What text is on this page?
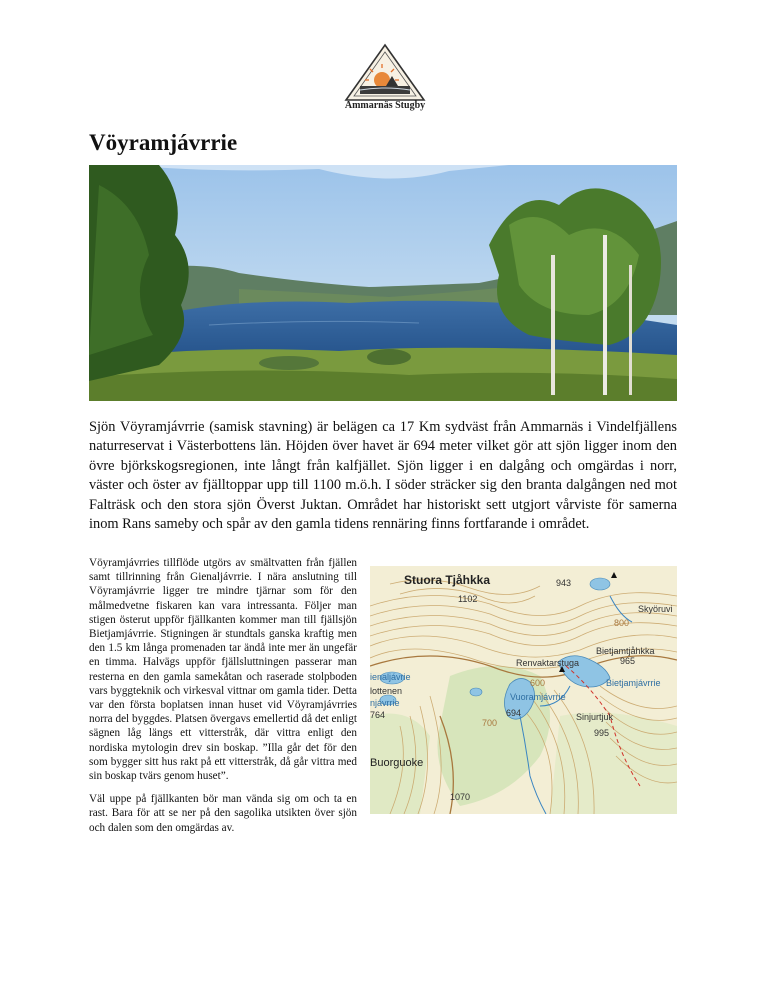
Ammarnäs Stugby
Vöyramjávrrie

Sjön Vöyramjávrrie (samisk stavning) är belägen ca 17 Km sydväst från Ammarnäs i Vindelfjällens naturreservat i Västerbottens län. Höjden över havet är 694 meter vilket gör att sjön ligger inom den övre björkskogsregionen, inte långt från kalfjället. Sjön ligger i en dalgång och omgärdas i norr, väster och öster av fjälltoppar upp till 1100 m.ö.h. I söder sträcker sig den branta dalgången ned mot Falträsk och den stora sjön Överst Juktan. Området har historiskt sett utgjort vårviste för samerna inom Rans sameby och spår av den gamla tidens rennäring finns fortfarande i området.

Vöyramjávrries tillflöde utgörs av smältvatten från fjällen samt tillrinning från Gienaljávrrie. I nära anslutning till Vöyramjávrrie ligger tre mindre tjärnar som för den målmedvetne fiskaren kan vara intressanta. Följer man stigen österut uppför fjällkanten kommer man till fjällsjön Bietjamjávrrie. Stigningen är stundtals ganska kraftig men den 1.5 km långa promenaden tar ändå inte mer än ungefär en timma. Halvägs uppför fjällsluttningen passerar man resterna en den gamla samekåtan och raserade stolpboden vars byggteknik och virkesval vittnar om gamla tider. Detta var den första boplatsen innan huset vid Vöyramjávrries norra del byggdes. Platsen övergavs emellertid då det enligt sägnen låg längs ett vitterstråk, där vittra enligt den nordiska mytologin drev sin boskap. ”Illa går det för den som bygger sitt hus rakt på ett vitterstråk, då går vittra med sin boskap tvärs genom huset”.

Väl uppe på fjällkanten bör man vända sig om och ta en rast. Bara för att se ner på den sagolika utsikten över sjön och dalen som den omgärdas av.

Stuora Tjåhkka	943
Skyöruvi
1102
800
Bietjamtjåhkka
965
Renvaktarstuga
Bietjamjávrrie
ienaljávrie
Vuoramjávrrie
lottenen
njávrrie
694
764	Sinjurtjuk
995
1070
600
700
Buorguoke
